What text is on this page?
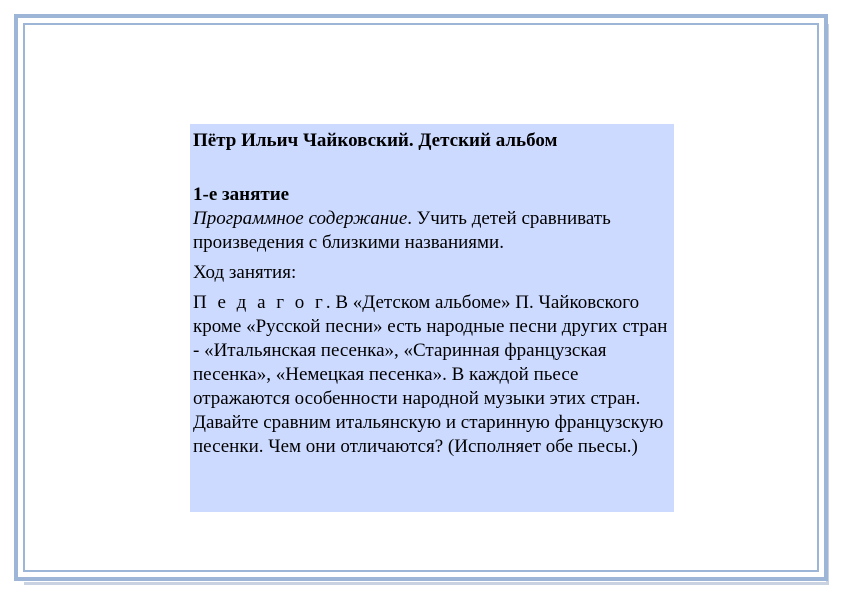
Пётр Ильич Чайковский. Детский альбом

1-е занятие

Программное содержание. Учить детей сравнивать произведения с близкими названиями.

Ход занятия:

П е д а г о г. В «Детском альбоме» П. Чайковского кроме «Русской песни» есть народные песни других стран - «Итальянская песенка», «Старинная французская песенка», «Немецкая песенка». В каждой пьесе отражаются особенности народной музыки этих стран. Давайте сравним итальянскую и старинную французскую песенки. Чем они отличаются? (Исполняет обе пьесы.)
